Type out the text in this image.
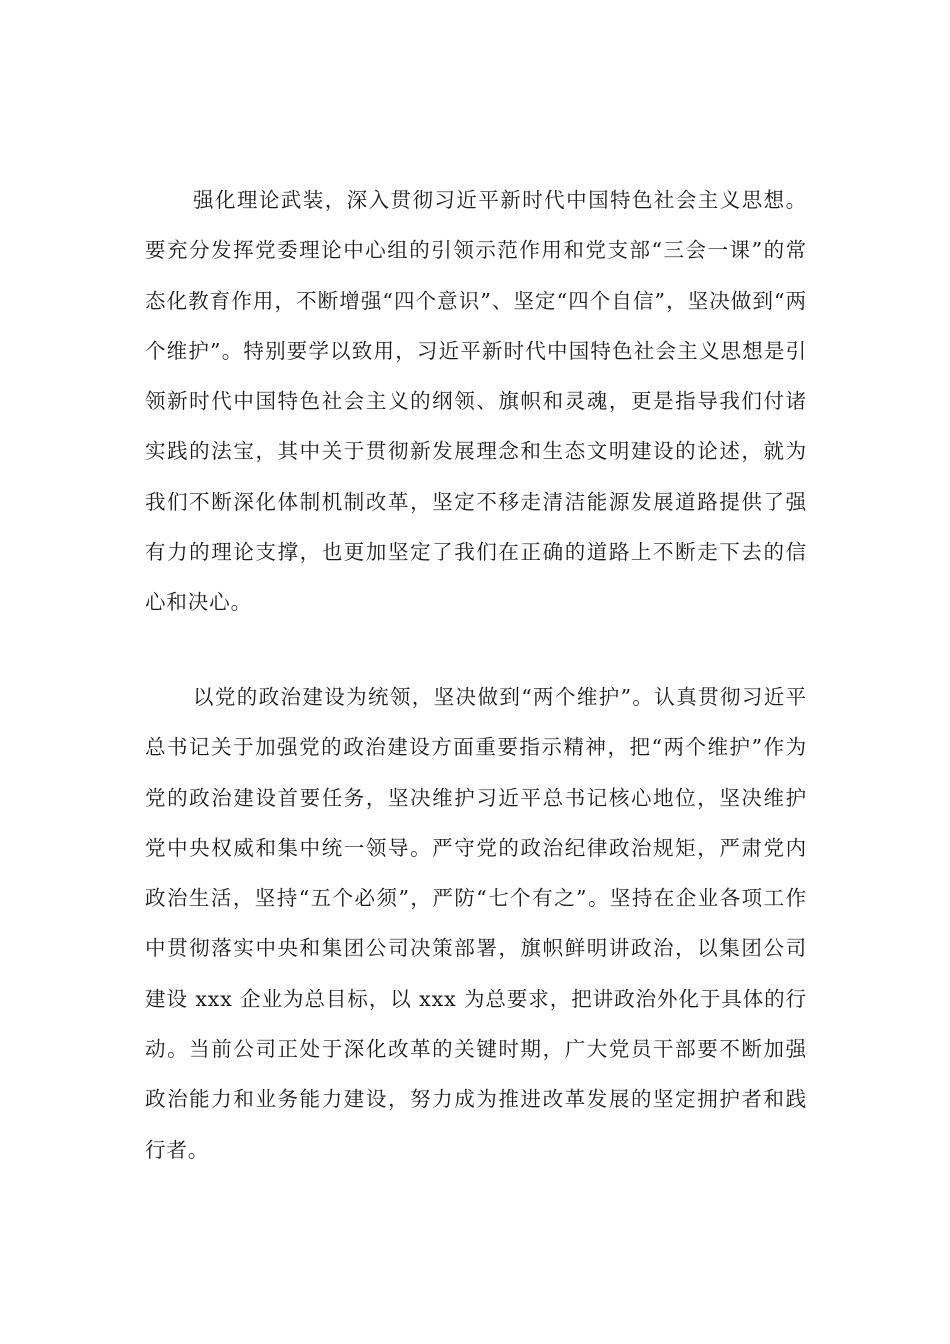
强化理论武装，深入贯彻习近平新时代中国特色社会主义思想。要充分发挥党委理论中心组的引领示范作用和党支部“三会一课”的常态化教育作用，不断增强“四个意识”、坚定“四个自信”，坚决做到“两个维护”。特别要学以致用，习近平新时代中国特色社会主义思想是引领新时代中国特色社会主义的纲领、旗帜和灵魂，更是指导我们付诸实践的法宝，其中关于贯彻新发展理念和生态文明建设的论述，就为我们不断深化体制机制改革，坚定不移走清洁能源发展道路提供了强有力的理论支撑，也更加坚定了我们在正确的道路上不断走下去的信心和决心。

以党的政治建设为统领，坚决做到“两个维护”。认真贯彻习近平总书记关于加强党的政治建设方面重要指示精神，把“两个维护”作为党的政治建设首要任务，坚决维护习近平总书记核心地位，坚决维护党中央权威和集中统一领导。严守党的政治纪律政治规矩，严肃党内政治生活，坚持“五个必须”，严防“七个有之”。坚持在企业各项工作中贯彻落实中央和集团公司决策部署，旗帜鲜明讲政治，以集团公司建设 xxx 企业为总目标，以 xxx 为总要求，把讲政治外化于具体的行动。当前公司正处于深化改革的关键时期，广大党员干部要不断加强政治能力和业务能力建设，努力成为推进改革发展的坚定拥护者和践行者。
